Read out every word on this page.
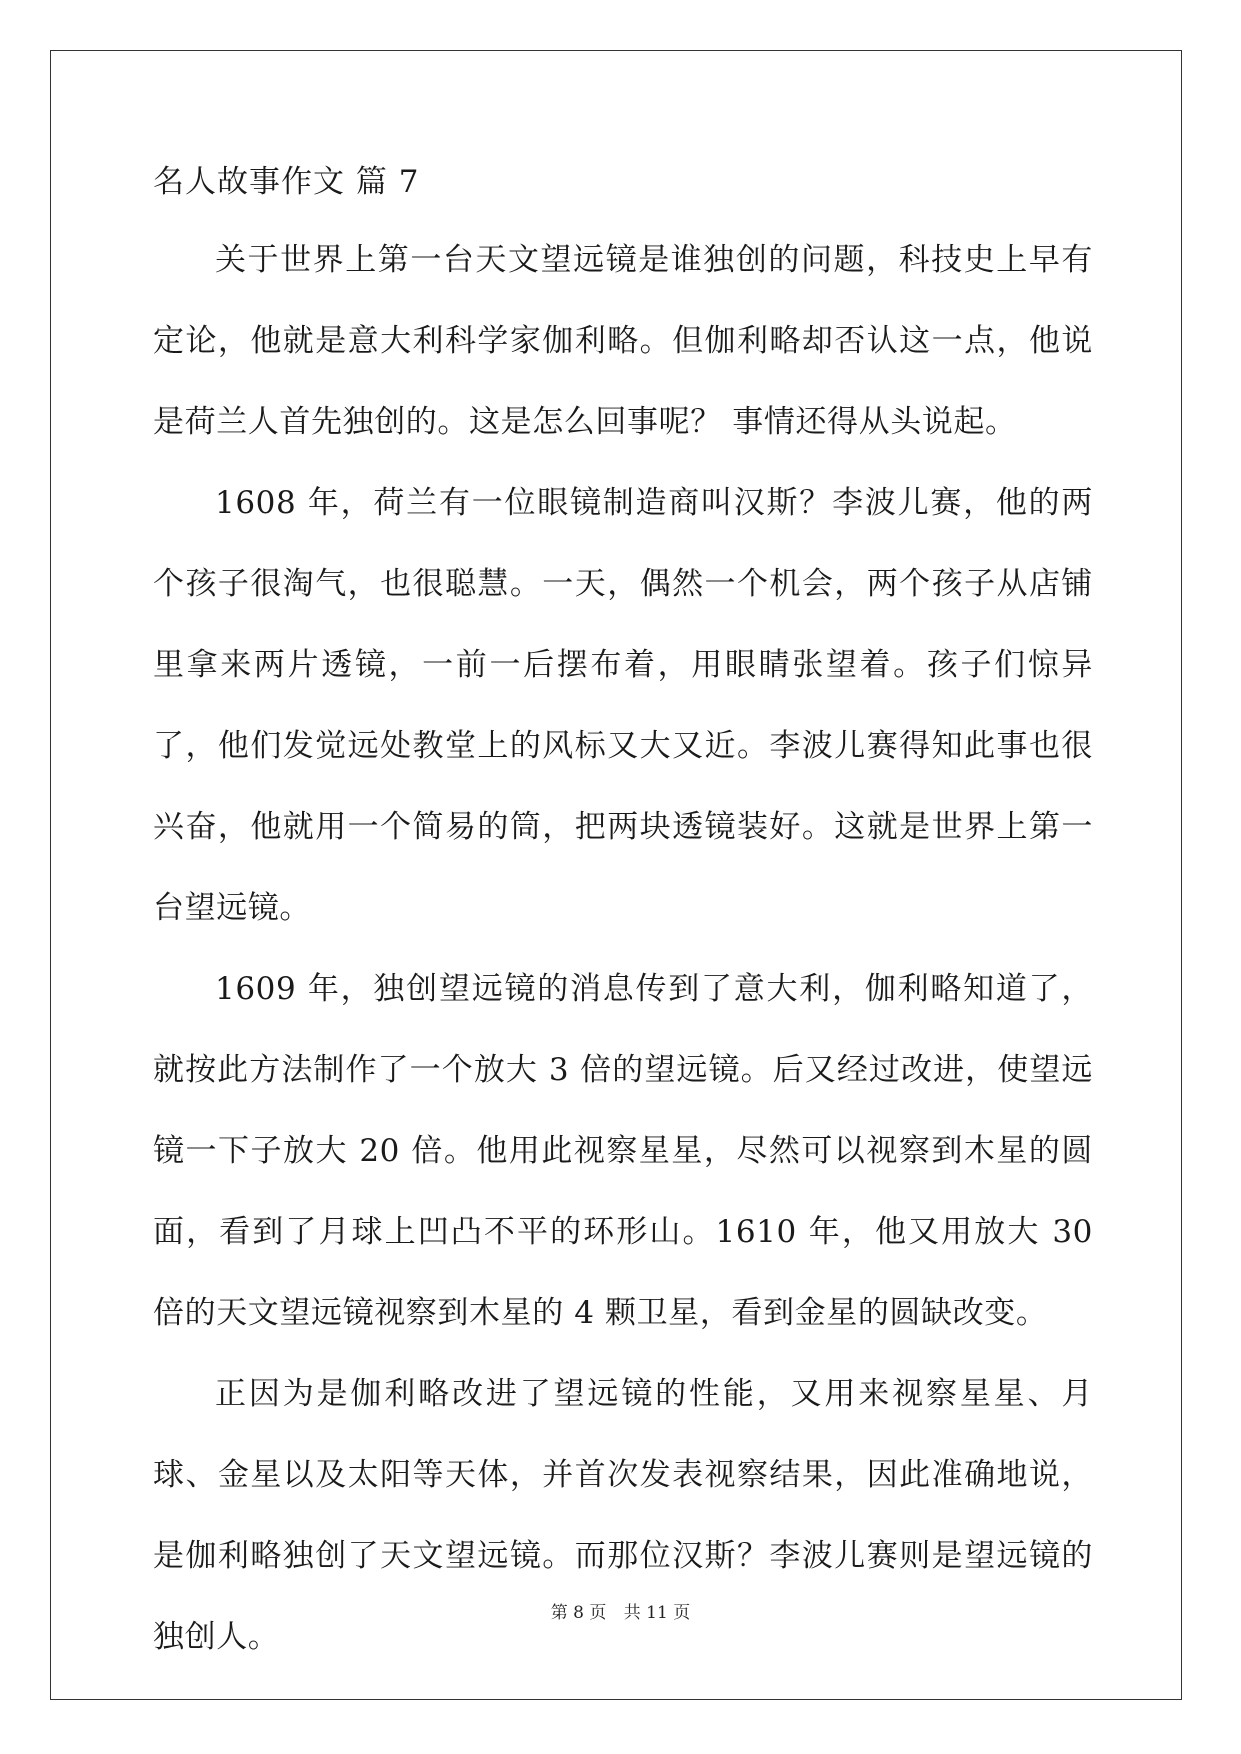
名人故事作文 篇 7

关于世界上第一台天文望远镜是谁独创的问题，科技史上早有定论，他就是意大利科学家伽利略。但伽利略却否认这一点，他说是荷兰人首先独创的。这是怎么回事呢？ 事情还得从头说起。

1608 年，荷兰有一位眼镜制造商叫汉斯？李波儿赛，他的两个孩子很淘气，也很聪慧。一天，偶然一个机会，两个孩子从店铺里拿来两片透镜，一前一后摆布着，用眼睛张望着。孩子们惊异了，他们发觉远处教堂上的风标又大又近。李波儿赛得知此事也很兴奋，他就用一个简易的筒，把两块透镜装好。这就是世界上第一台望远镜。

1609 年，独创望远镜的消息传到了意大利，伽利略知道了，就按此方法制作了一个放大 3 倍的望远镜。后又经过改进，使望远镜一下子放大 20 倍。他用此视察星星，尽然可以视察到木星的圆面，看到了月球上凹凸不平的环形山。1610 年，他又用放大 30 倍的天文望远镜视察到木星的 4 颗卫星，看到金星的圆缺改变。

正因为是伽利略改进了望远镜的性能，又用来视察星星、月球、金星以及太阳等天体，并首次发表视察结果，因此准确地说，是伽利略独创了天文望远镜。而那位汉斯？李波儿赛则是望远镜的独创人。

第 8 页 共 11 页
